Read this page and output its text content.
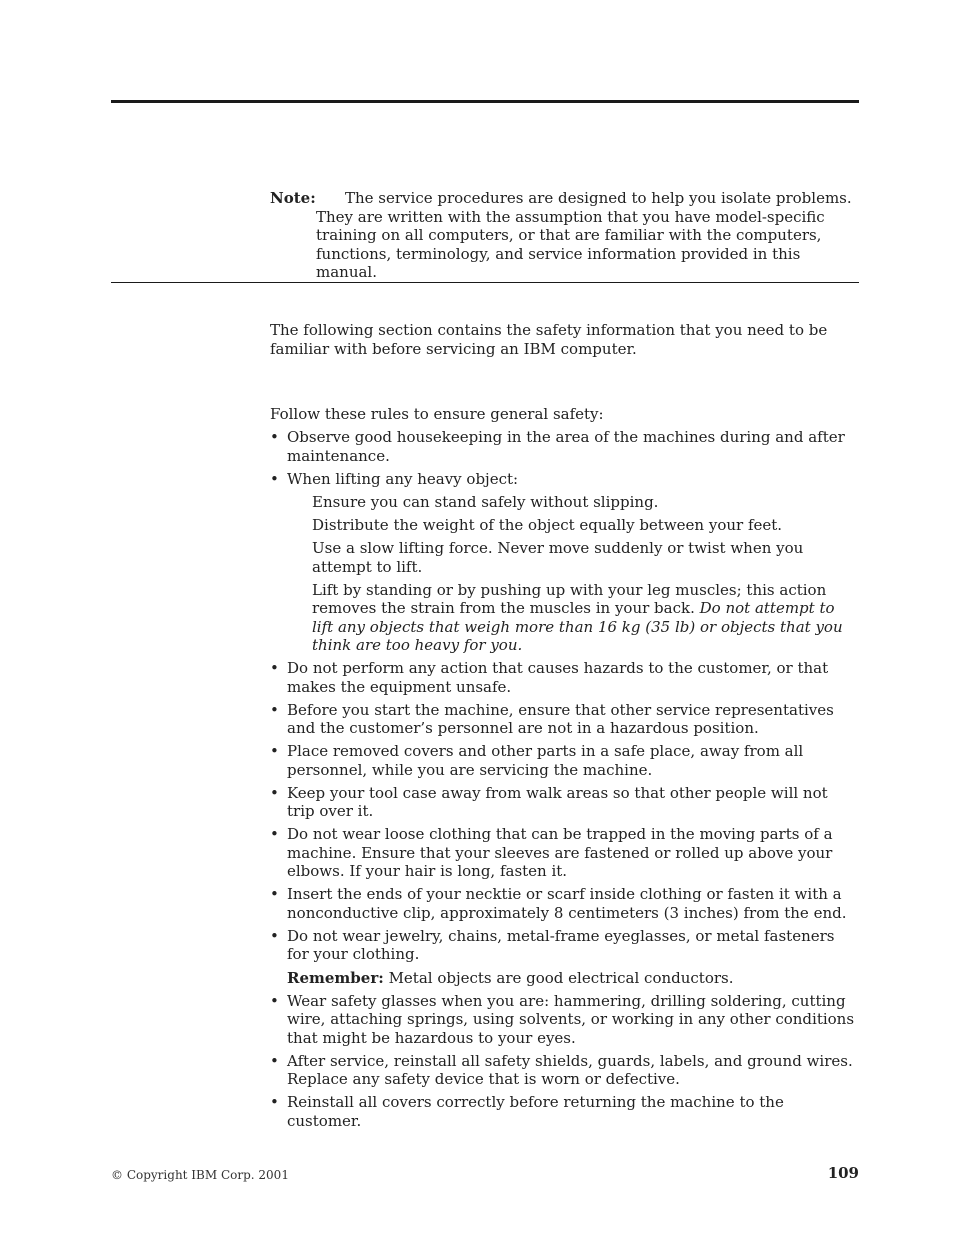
Note:	The service procedures are designed to help you isolate problems. They are written with the assumption that you have model-specific training on all computers, or that are familiar with the computers, functions, terminology, and service information provided in this manual.

The following section contains the safety information that you need to be familiar with before servicing an IBM computer.

Follow these rules to ensure general safety:

• Observe good housekeeping in the area of the machines during and after maintenance.
• When lifting any heavy object:

Ensure you can stand safely without slipping.

Distribute the weight of the object equally between your feet.

Use a slow lifting force. Never move suddenly or twist when you attempt to lift.

Lift by standing or by pushing up with your leg muscles; this action removes the strain from the muscles in your back. Do not attempt to lift any objects that weigh more than 16 kg (35 lb) or objects that you think are too heavy for you.

• Do not perform any action that causes hazards to the customer, or that makes the equipment unsafe.
• Before you start the machine, ensure that other service representatives and the customer’s personnel are not in a hazardous position.
• Place removed covers and other parts in a safe place, away from all personnel, while you are servicing the machine.
• Keep your tool case away from walk areas so that other people will not trip over it.
• Do not wear loose clothing that can be trapped in the moving parts of a machine. Ensure that your sleeves are fastened or rolled up above your elbows. If your hair is long, fasten it.
• Insert the ends of your necktie or scarf inside clothing or fasten it with a nonconductive clip, approximately 8 centimeters (3 inches) from the end.
• Do not wear jewelry, chains, metal-frame eyeglasses, or metal fasteners for your clothing.

Remember: Metal objects are good electrical conductors.

• Wear safety glasses when you are: hammering, drilling soldering, cutting wire, attaching springs, using solvents, or working in any other conditions that might be hazardous to your eyes.
• After service, reinstall all safety shields, guards, labels, and ground wires. Replace any safety device that is worn or defective.
• Reinstall all covers correctly before returning the machine to the customer.
© Copyright IBM Corp. 2001	109
